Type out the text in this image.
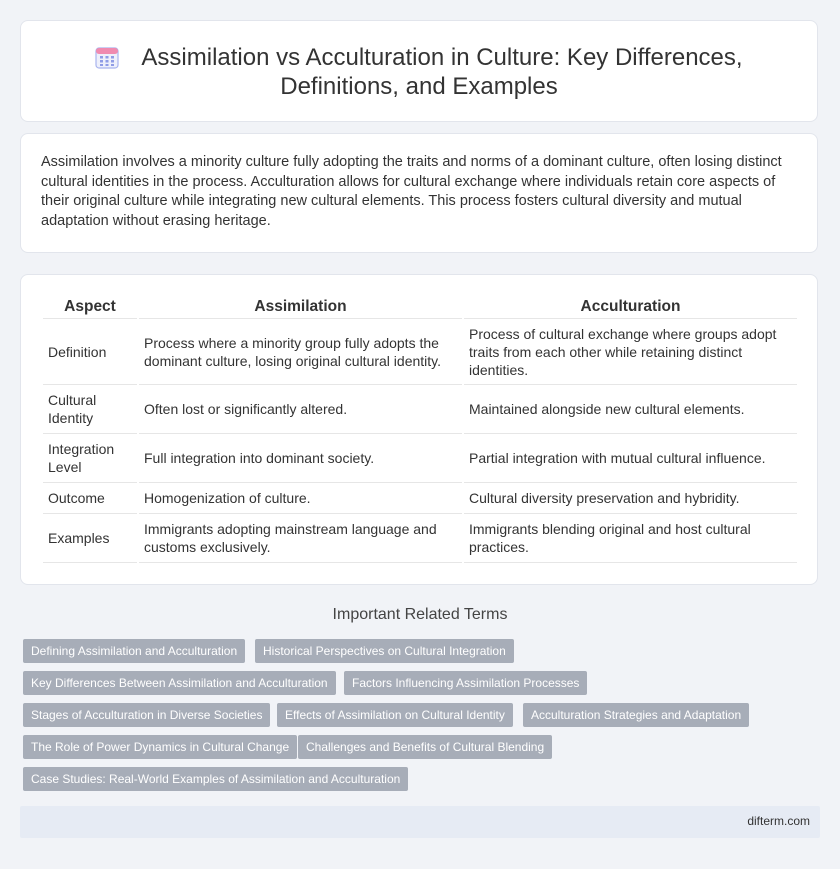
Assimilation vs Acculturation in Culture: Key Differences,
Definitions, and Examples

Assimilation involves a minority culture fully adopting the traits and norms of a dominant culture, often losing distinct cultural identities in the process. Acculturation allows for cultural exchange where individuals retain core aspects of their original culture while integrating new cultural elements. This process fosters cultural diversity and mutual adaptation without erasing heritage.

Aspect	Assimilation	Acculturation
Definition	Process where a minority group fully adopts the dominant culture, losing original cultural identity.	Process of cultural exchange where groups adopt traits from each other while retaining distinct identities.
Cultural Identity	Often lost or significantly altered.	Maintained alongside new cultural elements.
Integration Level	Full integration into dominant society.	Partial integration with mutual cultural influence.
Outcome	Homogenization of culture.	Cultural diversity preservation and hybridity.
Examples	Immigrants adopting mainstream language and customs exclusively.	Immigrants blending original and host cultural practices.
Important Related Terms
Defining Assimilation and Acculturation	Historical Perspectives on Cultural Integration
Key Differences Between Assimilation and Acculturation	Factors Influencing Assimilation Processes
Stages of Acculturation in Diverse Societies	Effects of Assimilation on Cultural Identity	Acculturation Strategies and Adaptation
The Role of Power Dynamics in Cultural Change	Challenges and Benefits of Cultural Blending
Case Studies: Real-World Examples of Assimilation and Acculturation
difterm.com
